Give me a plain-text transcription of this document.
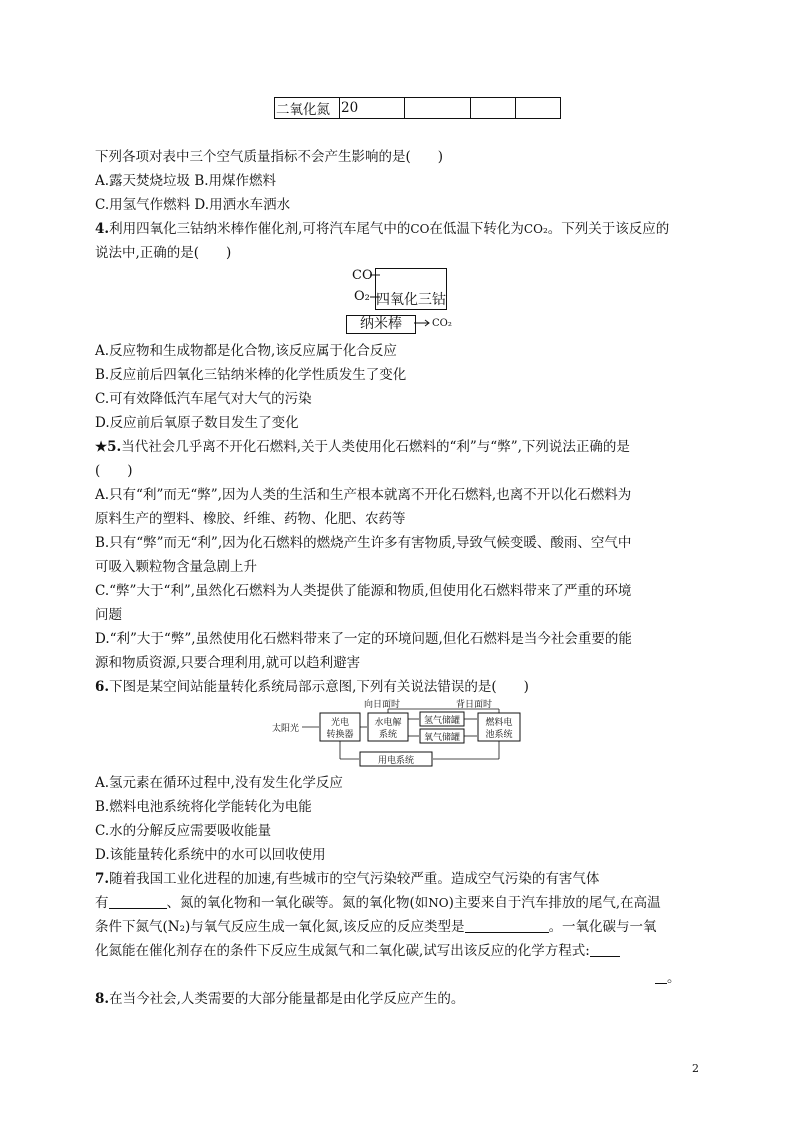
二氧化氮	20			
下列各项对表中三个空气质量指标不会产生影响的是(　　)
A.露天焚烧垃圾 B.用煤作燃料
C.用氢气作燃料 D.用洒水车洒水
4.利用四氧化三钴纳米棒作催化剂,可将汽车尾气中的CO在低温下转化为CO₂。下列关于该反应的
说法中,正确的是(　　)
CO
O₂ 四氧化三钴
纳米棒	CO₂
A.反应物和生成物都是化合物,该反应属于化合反应
B.反应前后四氧化三钴纳米棒的化学性质发生了变化
C.可有效降低汽车尾气对大气的污染
D.反应前后氧原子数目发生了变化
★5.当代社会几乎离不开化石燃料,关于人类使用化石燃料的“利”与“弊”,下列说法正确的是
(　　)
A.只有“利”而无“弊”,因为人类的生活和生产根本就离不开化石燃料,也离不开以化石燃料为
原料生产的塑料、橡胶、纤维、药物、化肥、农药等
B.只有“弊”而无“利”,因为化石燃料的燃烧产生许多有害物质,导致气候变暖、酸雨、空气中
可吸入颗粒物含量急剧上升
C.“弊”大于“利”,虽然化石燃料为人类提供了能源和物质,但使用化石燃料带来了严重的环境
问题
D.“利”大于“弊”,虽然使用化石燃料带来了一定的环境问题,但化石燃料是当今社会重要的能
源和物质资源,只要合理利用,就可以趋利避害
6.下图是某空间站能量转化系统局部示意图,下列有关说法错误的是(　　)
太阳光
向日面时	背日面时
光电
转换器
水电解
系统
氢气储罐
氧气储罐
燃料电
池系统
用电系统
A.氢元素在循环过程中,没有发生化学反应
B.燃料电池系统将化学能转化为电能
C.水的分解反应需要吸收能量
D.该能量转化系统中的水可以回收使用
7.随着我国工业化进程的加速,有些城市的空气污染较严重。造成空气污染的有害气体
有	、氮的氧化物和一氧化碳等。氮的氧化物(如NO)主要来自于汽车排放的尾气,在高温
条件下氮气(N₂)与氧气反应生成一氧化氮,该反应的反应类型是	。一氧化碳与一氧
化氮能在催化剂存在的条件下反应生成氮气和二氧化碳,试写出该反应的化学方程式:
。
8.在当今社会,人类需要的大部分能量都是由化学反应产生的。
2
